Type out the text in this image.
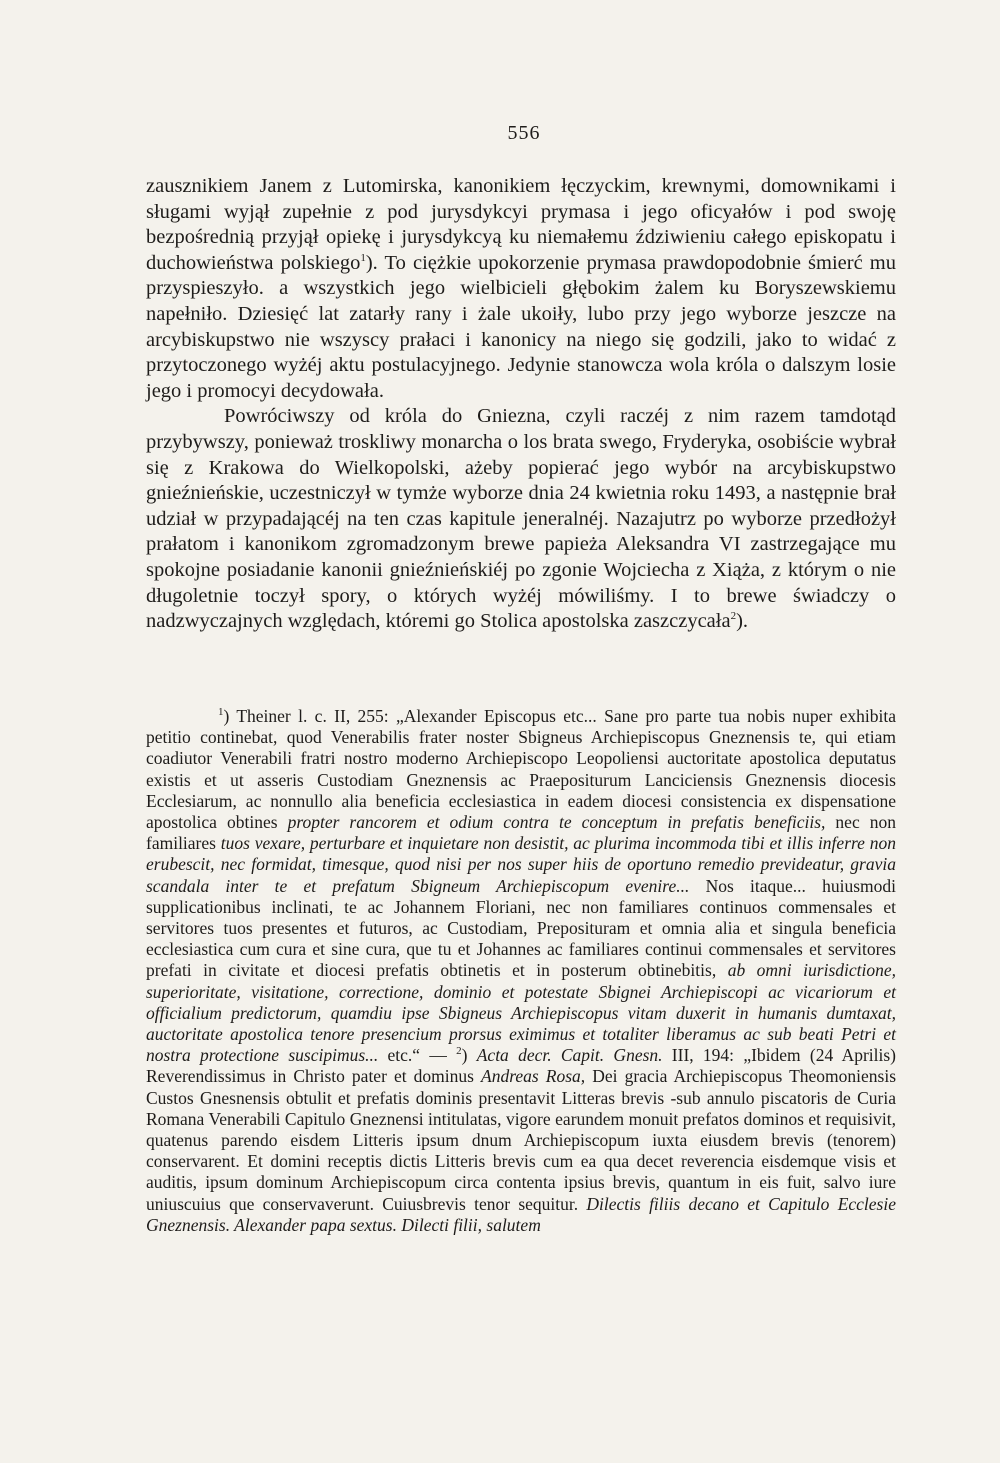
556

zausznikiem Janem z Lutomirska, kanonikiem łęczyckim, krewnymi, domownikami i sługami wyjął zupełnie z pod jurysdykcyi prymasa i jego oficyałów i pod swoję bezpośrednią przyjął opiekę i jurysdykcyą ku niemałemu ździwieniu całego episkopatu i duchowieństwa polskiego$^1$). To ciężkie upokorzenie prymasa prawdopodobnie śmierć mu przyspieszyło. a wszystkich jego wielbicieli głębokim żalem ku Boryszewskiemu napełniło. Dziesięć lat zatarły rany i żale ukoiły, lubo przy jego wyborze jeszcze na arcybiskupstwo nie wszyscy prałaci i kanonicy na niego się godzili, jako to widać z przytoczonego wyżéj aktu postulacyjnego. Jedynie stanowcza wola króla o dalszym losie jego i promocyi decydowała.

Powróciwszy od króla do Gniezna, czyli raczéj z nim razem tamdotąd przybywszy, ponieważ troskliwy monarcha o los brata swego, Fryderyka, osobiście wybrał się z Krakowa do Wielkopolski, ażeby popierać jego wybór na arcybiskupstwo gnieźnieńskie, uczestniczył w tymże wyborze dnia 24 kwietnia roku 1493, a następnie brał udział w przypadającéj na ten czas kapitule jeneralnéj. Nazajutrz po wyborze przedłożył prałatom i kanonikom zgromadzonym brewe papieża Aleksandra VI zastrzegające mu spokojne posiadanie kanonii gnieźnieńskiéj po zgonie Wojciecha z Xiąża, z którym o nie długoletnie toczył spory, o których wyżéj mówiliśmy. I to brewe świadczy o nadzwyczajnych względach, któremi go Stolica apostolska zaszczycała$^2$).

$^1$) Theiner l. c. II, 255: „Alexander Episcopus etc... Sane pro parte tua nobis nuper exhibita petitio continebat, quod Venerabilis frater noster Sbigneus Archiepiscopus Gneznensis te, qui etiam coadiutor Venerabili fratri nostro moderno Archiepiscopo Leopoliensi auctoritate apostolica deputatus existis et ut asseris Custodiam Gneznensis ac Praepositurum Lanciciensis Gneznensis diocesis Ecclesiarum, ac nonnullo alia beneficia ecclesiastica in eadem diocesi consistencia ex dispensatione apostolica obtines propter rancorem et odium contra te conceptum in prefatis beneficiis, nec non familiares tuos vexare, perturbare et inquietare non desistit, ac plurima incommoda tibi et illis inferre non erubescit, nec formidat, timesque, quod nisi per nos super hiis de oportuno remedio prevideatur, gravia scandala inter te et prefatum Sbigneum Archiepiscopum evenire... Nos itaque... huiusmodi supplicationibus inclinati, te ac Johannem Floriani, nec non familiares continuos commensales et servitores tuos presentes et futuros, ac Custodiam, Preposituram et omnia alia et singula beneficia ecclesiastica cum cura et sine cura, que tu et Johannes ac familiares continui commensales et servitores prefati in civitate et diocesi prefatis obtinetis et in posterum obtinebitis, ab omni iurisdictione, superioritate, visitatione, correctione, dominio et potestate Sbignei Archiepiscopi ac vicariorum et officialium predictorum, quamdiu ipse Sbigneus Archiepiscopus vitam duxerit in humanis dumtaxat, auctoritate apostolica tenore presencium prorsus eximimus et totaliter liberamus ac sub beati Petri et nostra protectione suscipimus... etc.“ — $^2$) Acta decr. Capit. Gnesn. III, 194: „Ibidem (24 Aprilis) Reverendissimus in Christo pater et dominus Andreas Rosa, Dei gracia Archiepiscopus Theomoniensis Custos Gnesnensis obtulit et prefatis dominis presentavit Litteras brevis -sub annulo piscatoris de Curia Romana Venerabili Capitulo Gneznensi intitulatas, vigore earundem monuit prefatos dominos et requisivit, quatenus parendo eisdem Litteris ipsum dnum Archiepiscopum iuxta eiusdem brevis (tenorem) conservarent. Et domini receptis dictis Litteris brevis cum ea qua decet reverencia eisdemque visis et auditis, ipsum dominum Archiepiscopum circa contenta ipsius brevis, quantum in eis fuit, salvo iure uniuscuius que conservaverunt. Cuiusbrevis tenor sequitur. Dilectis filiis decano et Capitulo Ecclesie Gneznensis. Alexander papa sextus. Dilecti filii, salutem
